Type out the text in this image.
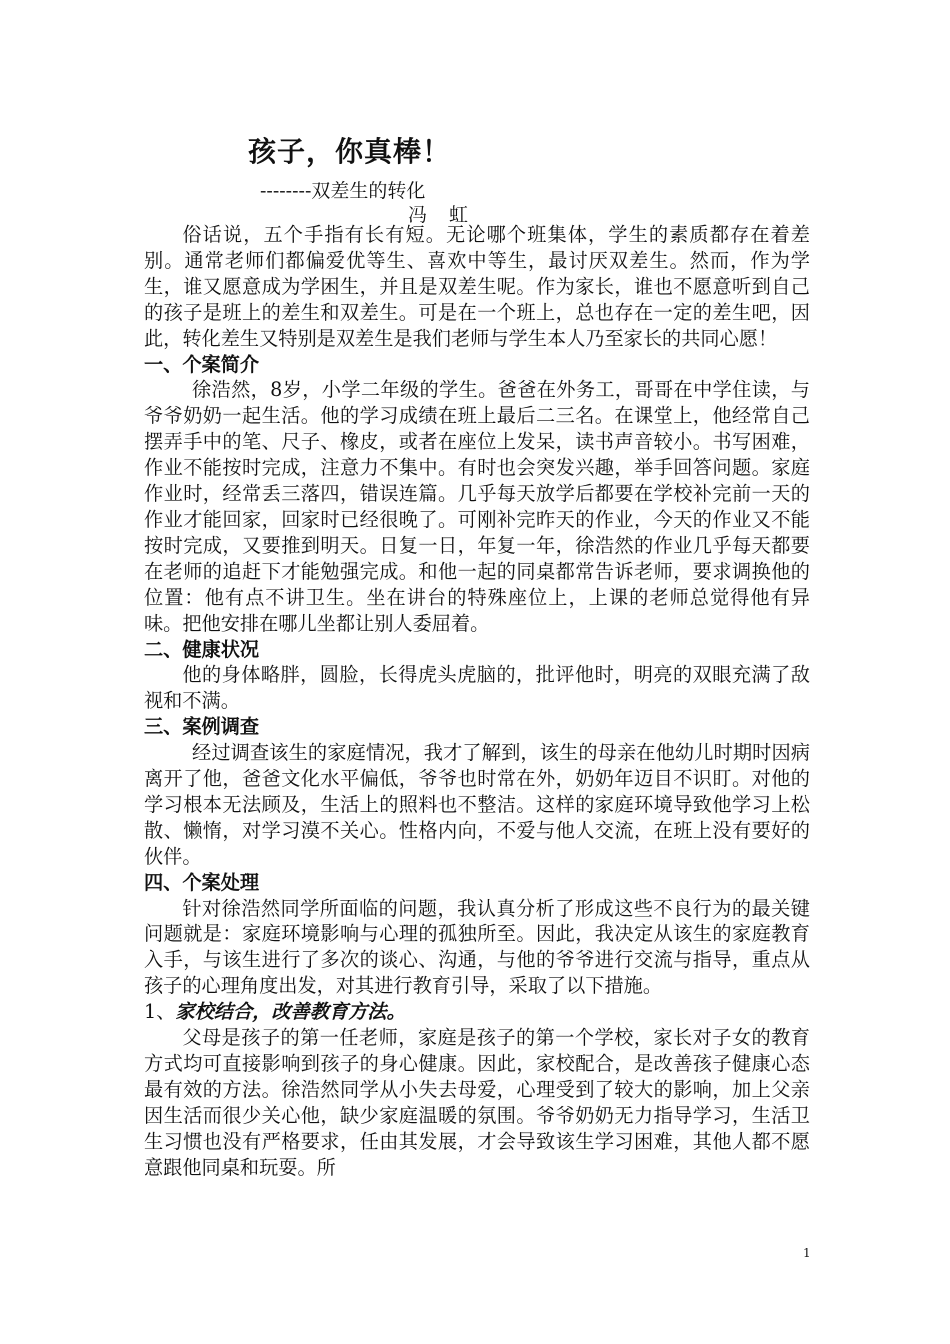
孩子，你真棒！
--------双差生的转化
冯 虹

俗话说，五个手指有长有短。无论哪个班集体，学生的素质都存在着差别。通常老师们都偏爱优等生、喜欢中等生，最讨厌双差生。然而，作为学生，谁又愿意成为学困生，并且是双差生呢。作为家长，谁也不愿意听到自己的孩子是班上的差生和双差生。可是在一个班上，总也存在一定的差生吧，因此，转化差生又特别是双差生是我们老师与学生本人乃至家长的共同心愿！

一、个案简介

徐浩然，8岁，小学二年级的学生。爸爸在外务工，哥哥在中学住读，与爷爷奶奶一起生活。他的学习成绩在班上最后二三名。在课堂上，他经常自己摆弄手中的笔、尺子、橡皮，或者在座位上发呆，读书声音较小。书写困难，作业不能按时完成，注意力不集中。有时也会突发兴趣，举手回答问题。家庭作业时，经常丢三落四，错误连篇。几乎每天放学后都要在学校补完前一天的作业才能回家，回家时已经很晚了。可刚补完昨天的作业，今天的作业又不能按时完成，又要推到明天。日复一日，年复一年，徐浩然的作业几乎每天都要在老师的追赶下才能勉强完成。和他一起的同桌都常告诉老师，要求调换他的位置：他有点不讲卫生。坐在讲台的特殊座位上，上课的老师总觉得他有异味。把他安排在哪儿坐都让别人委屈着。

二、健康状况

他的身体略胖，圆脸，长得虎头虎脑的，批评他时，明亮的双眼充满了敌视和不满。

三、案例调查

经过调查该生的家庭情况，我才了解到，该生的母亲在他幼儿时期时因病离开了他，爸爸文化水平偏低，爷爷也时常在外，奶奶年迈目不识盯。对他的学习根本无法顾及，生活上的照料也不整洁。这样的家庭环境导致他学习上松散、懒惰，对学习漠不关心。性格内向，不爱与他人交流，在班上没有要好的伙伴。

四、个案处理

针对徐浩然同学所面临的问题，我认真分析了形成这些不良行为的最关键问题就是：家庭环境影响与心理的孤独所至。因此，我决定从该生的家庭教育入手，与该生进行了多次的谈心、沟通，与他的爷爷进行交流与指导，重点从孩子的心理角度出发，对其进行教育引导，采取了以下措施。

1、家校结合，改善教育方法。

父母是孩子的第一任老师，家庭是孩子的第一个学校，家长对子女的教育方式均可直接影响到孩子的身心健康。因此，家校配合，是改善孩子健康心态最有效的方法。徐浩然同学从小失去母爱，心理受到了较大的影响，加上父亲因生活而很少关心他，缺少家庭温暖的氛围。爷爷奶奶无力指导学习，生活卫生习惯也没有严格要求，任由其发展，才会导致该生学习困难，其他人都不愿意跟他同桌和玩耍。所

1
